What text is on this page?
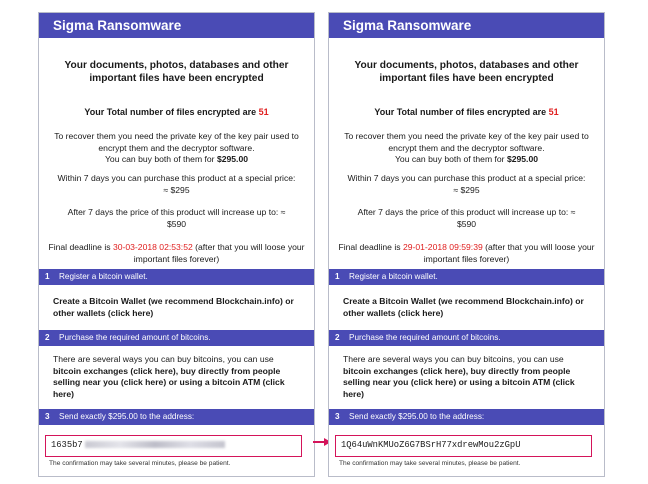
Sigma Ransomware
Your documents, photos, databases and other important files have been encrypted
Your Total number of files encrypted are 51
To recover them you need the private key of the key pair used to encrypt them and the decryptor software.
You can buy both of them for $295.00
Within 7 days you can purchase this product at a special price:
≈ $295
After 7 days the price of this product will increase up to: ≈
$590
Final deadline is 30-03-2018 02:53:52 (after that you will loose your important files forever)
1 Register a bitcoin wallet.
Create a Bitcoin Wallet (we recommend Blockchain.info) or other wallets (click here)
2 Purchase the required amount of bitcoins.
There are several ways you can buy bitcoins, you can use bitcoin exchanges (click here), buy directly from people selling near you (click here) or using a bitcoin ATM (click here)
3 Send exactly $295.00 to the address:
1635b7
The confirmation may take several minutes, please be patient.
Sigma Ransomware
Your documents, photos, databases and other important files have been encrypted
Your Total number of files encrypted are 51
To recover them you need the private key of the key pair used to encrypt them and the decryptor software.
You can buy both of them for $295.00
Within 7 days you can purchase this product at a special price:
≈ $295
After 7 days the price of this product will increase up to: ≈
$590
Final deadline is 29-01-2018 09:59:39 (after that you will loose your important files forever)
1 Register a bitcoin wallet.
Create a Bitcoin Wallet (we recommend Blockchain.info) or other wallets (click here)
2 Purchase the required amount of bitcoins.
There are several ways you can buy bitcoins, you can use bitcoin exchanges (click here), buy directly from people selling near you (click here) or using a bitcoin ATM (click here)
3 Send exactly $295.00 to the address:
1Q64uWnKMUoZ6G7BSrH77xdrewMou2zGpU
The confirmation may take several minutes, please be patient.
